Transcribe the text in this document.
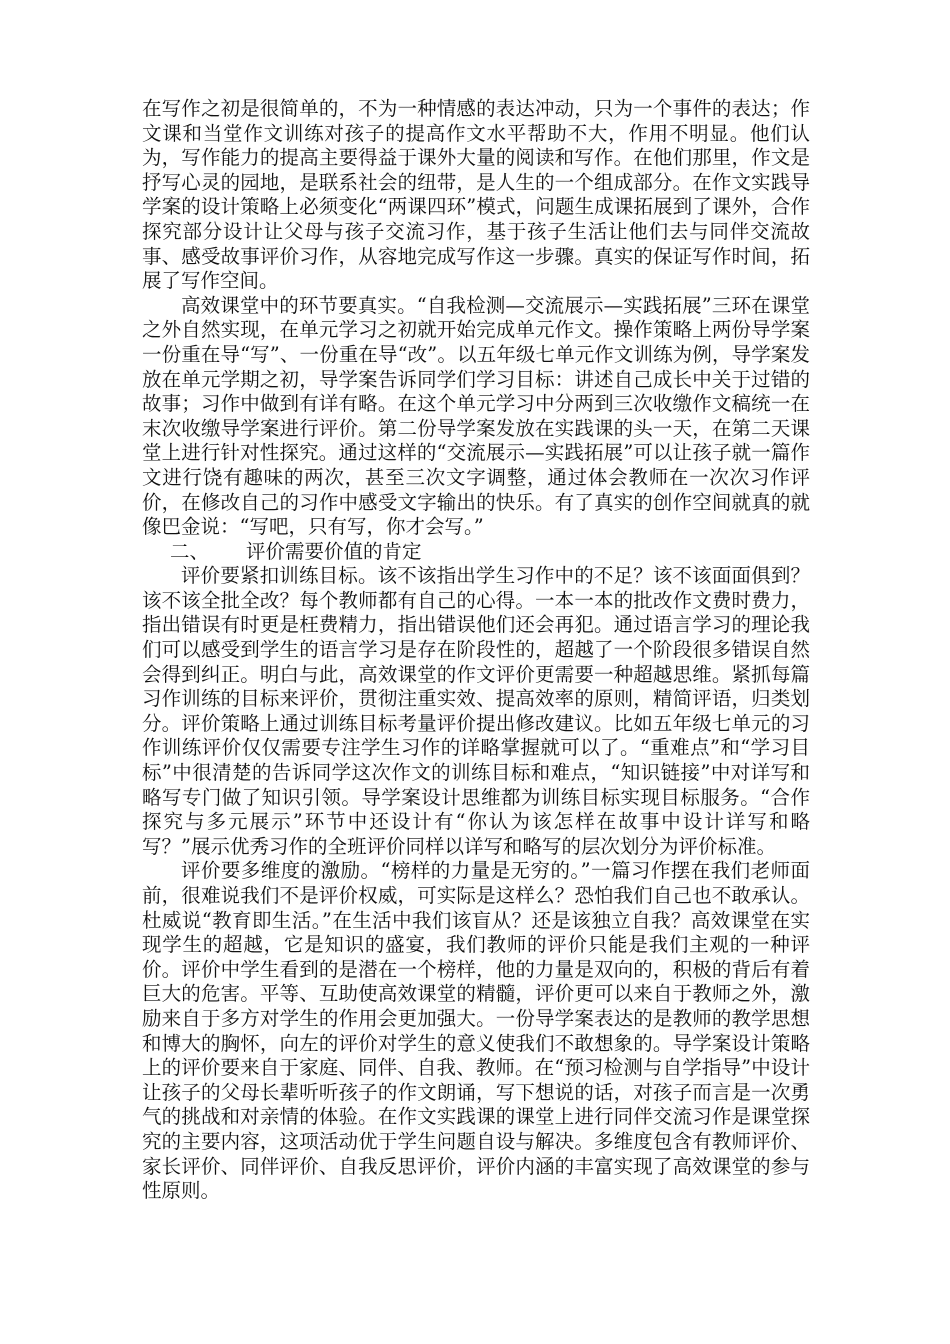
在写作之初是很简单的，不为一种情感的表达冲动，只为一个事件的表达；作文课和当堂作文训练对孩子的提高作文水平帮助不大，作用不明显。他们认为，写作能力的提高主要得益于课外大量的阅读和写作。在他们那里，作文是抒写心灵的园地，是联系社会的纽带，是人生的一个组成部分。在作文实践导学案的设计策略上必须变化“两课四环”模式，问题生成课拓展到了课外，合作探究部分设计让父母与孩子交流习作，基于孩子生活让他们去与同伴交流故事、感受故事评价习作，从容地完成写作这一步骤。真实的保证写作时间，拓展了写作空间。

高效课堂中的环节要真实。“自我检测—交流展示—实践拓展”三环在课堂之外自然实现，在单元学习之初就开始完成单元作文。操作策略上两份导学案一份重在导“写”、一份重在导“改”。以五年级七单元作文训练为例，导学案发放在单元学期之初，导学案告诉同学们学习目标：讲述自己成长中关于过错的故事；习作中做到有详有略。在这个单元学习中分两到三次收缴作文稿统一在末次收缴导学案进行评价。第二份导学案发放在实践课的头一天，在第二天课堂上进行针对性探究。通过这样的“交流展示—实践拓展”可以让孩子就一篇作文进行饶有趣味的两次，甚至三次文字调整，通过体会教师在一次次习作评价，在修改自己的习作中感受文字输出的快乐。有了真实的创作空间就真的就像巴金说：“写吧，只有写，你才会写。”

二、 评价需要价值的肯定

评价要紧扣训练目标。该不该指出学生习作中的不足？该不该面面俱到？该不该全批全改？每个教师都有自己的心得。一本一本的批改作文费时费力，指出错误有时更是枉费精力，指出错误他们还会再犯。通过语言学习的理论我们可以感受到学生的语言学习是存在阶段性的，超越了一个阶段很多错误自然会得到纠正。明白与此，高效课堂的作文评价更需要一种超越思维。紧抓每篇习作训练的目标来评价，贯彻注重实效、提高效率的原则，精简评语，归类划分。评价策略上通过训练目标考量评价提出修改建议。比如五年级七单元的习作训练评价仅仅需要专注学生习作的详略掌握就可以了。“重难点”和“学习目标”中很清楚的告诉同学这次作文的训练目标和难点，“知识链接”中对详写和略写专门做了知识引领。导学案设计思维都为训练目标实现目标服务。“合作探究与多元展示”环节中还设计有“你认为该怎样在故事中设计详写和略写？”展示优秀习作的全班评价同样以详写和略写的层次划分为评价标准。

评价要多维度的激励。“榜样的力量是无穷的。”一篇习作摆在我们老师面前，很难说我们不是评价权威，可实际是这样么？恐怕我们自己也不敢承认。杜威说“教育即生活。”在生活中我们该盲从？还是该独立自我？高效课堂在实现学生的超越，它是知识的盛宴，我们教师的评价只能是我们主观的一种评价。评价中学生看到的是潜在一个榜样，他的力量是双向的，积极的背后有着巨大的危害。平等、互助使高效课堂的精髓，评价更可以来自于教师之外，激励来自于多方对学生的作用会更加强大。一份导学案表达的是教师的教学思想和博大的胸怀，向左的评价对学生的意义使我们不敢想象的。导学案设计策略上的评价要来自于家庭、同伴、自我、教师。在“预习检测与自学指导”中设计让孩子的父母长辈听听孩子的作文朗诵，写下想说的话，对孩子而言是一次勇气的挑战和对亲情的体验。在作文实践课的课堂上进行同伴交流习作是课堂探究的主要内容，这项活动优于学生问题自设与解决。多维度包含有教师评价、家长评价、同伴评价、自我反思评价，评价内涵的丰富实现了高效课堂的参与性原则。
